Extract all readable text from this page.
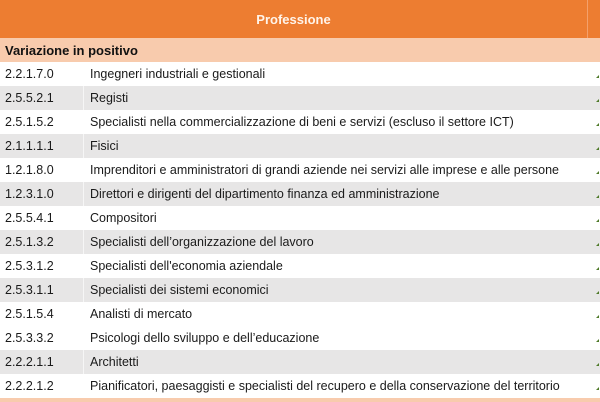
Professione
Variazione in positivo
2.2.1.7.0	Ingegneri industriali e gestionali
2.5.5.2.1	Registi
2.5.1.5.2	Specialisti nella commercializzazione di beni e servizi (escluso il settore ICT)
2.1.1.1.1	Fisici
1.2.1.8.0	Imprenditori e amministratori di grandi aziende nei servizi alle imprese e alle persone
1.2.3.1.0	Direttori e dirigenti del dipartimento finanza ed amministrazione
2.5.5.4.1	Compositori
2.5.1.3.2	Specialisti dell’organizzazione del lavoro
2.5.3.1.2	Specialisti dell'economia aziendale
2.5.3.1.1	Specialisti dei sistemi economici
2.5.1.5.4	Analisti di mercato
2.5.3.3.2	Psicologi dello sviluppo e dell’educazione
2.2.2.1.1	Architetti
2.2.2.1.2	Pianificatori, paesaggisti e specialisti del recupero e della conservazione del territorio
